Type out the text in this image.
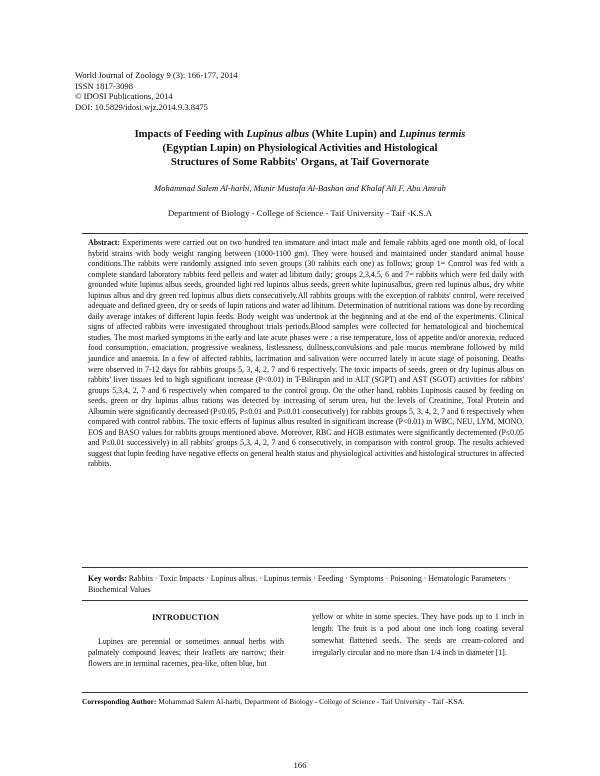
World Journal of Zoology 9 (3): 166-177, 2014
ISSN 1817-3098
© IDOSI Publications, 2014
DOI: 10.5829/idosi.wjz.2014.9.3.8475
Impacts of Feeding with Lupinus albus (White Lupin) and Lupinus termis
(Egyptian Lupin) on Physiological Activities and Histological
Structures of Some Rabbits' Organs, at Taif Governorate
Mohammad Salem Al-harbi, Munir Mustafa Al-Bashan and Khalaf Ali F. Abu Amrah
Department of Biology - College of Science - Taif University - Taif -K.S.A

Abstract: Experiments were carried out on two hundred ten immature and intact male and female rabbits aged one month old, of local hybrid strains with body weight ranging between (1000-1100 gm). They were housed and maintained under standard animal house conditions.The rabbits were randomly assigned into seven groups (30 rabbits each one) as follows; group 1= Control was fed with a complete standard laboratory rabbits feed pellets and water ad libitum daily; groups 2,3,4,5, 6 and 7= rabbits which were fed daily with grounded white lupinus albus seeds, grounded light red lupinus albus seeds, green white lupinusalbus, green red lupinus albus, dry white lupinus albus and dry green red lupinus albus diets consecutively.All rabbits groups with the exception of rabbits' control, were received adequate and defined green, dry or seeds of lupin rations and water ad libitum. Determination of nutritional rations was done by recording daily average intakes of different lupin feeds. Body weight was undertook at the beginning and at the end of the experiments. Clinical signs of affected rabbits were investigated throughout trials periods.Blood samples were collected for hematological and biochemical studies. The most marked symptoms in the early and late acute phases were : a rise temperature, loss of appetite and/or anorexia, reduced food consumption, emaciation, progressive weakness, listlessness, dullness,convulsions and pale mucus membrane followed by mild jaundice and anaemia. In a few of affected rabbits, lacrimation and salivation were occurred lately in acute stage of poisoning. Deaths were observed in 7-12 days for rabbits groups 5, 3, 4, 2, 7 and 6 respectively. The toxic impacts of seeds, green or dry lupinus albus on rabbits' liver tissues led to high significant increase (P<0.01) in T-Bilirupin and in ALT (SGPT) and AST (SGOT) activities for rabbits' groups 5,3,4, 2, 7 and 6 respectively when compared to the control group. On the other hand, rabbits Lupinosis caused by feeding on seeds, green or dry lupinus albus rations was detected by increasing of serum urea, but the levels of Creatinine, Total Protein and Albumin were significantly decreased (P≤0.05, P≤0.01 and P≤0.01 consecutively) for rabbits groups 5, 3, 4, 2, 7 and 6 respectively when compared with control rabbits. The toxic effects of lupinus albus resulted in significant increase (P<0.01) in WBC, NEU, LYM, MONO, EOS and BASO values for rabbits groups mentioned above. Moreover, RBC and HGB estimates were significantly decremented (P≤0.05 and P≤0.01 successively) in all rabbits' groups 5,3, 4, 2, 7 and 6 consecutively, in comparison with control group. The results achieved suggest that lupin feeding have negative effects on general health status and physiological activities and histological structures in affected rabbits.

Key words: Rabbits · Toxic Impacts · Lupinus albus. · Lupinus termis · Feeding · Symptoms · Poisoning · Hematologic Parameters · Biochemical Values
INTRODUCTION

Lupines are perennial or sometimes annual herbs with palmately compound leaves; their leaflets are narrow; their flowers are in terminal racemes, pea-like, often blue, but

yellow or white in some species. They have pods up to 1 inch in length. The fruit is a pod about one inch long coating several somewhat flattened seeds. The seeds are cream-colored and irregularly circular and no more than 1/4 inch in diameter [1].

Corresponding Author: Mohammad Salem Al-harbi, Department of Biology - College of Science - Taif University - Taif -KSA.
166
